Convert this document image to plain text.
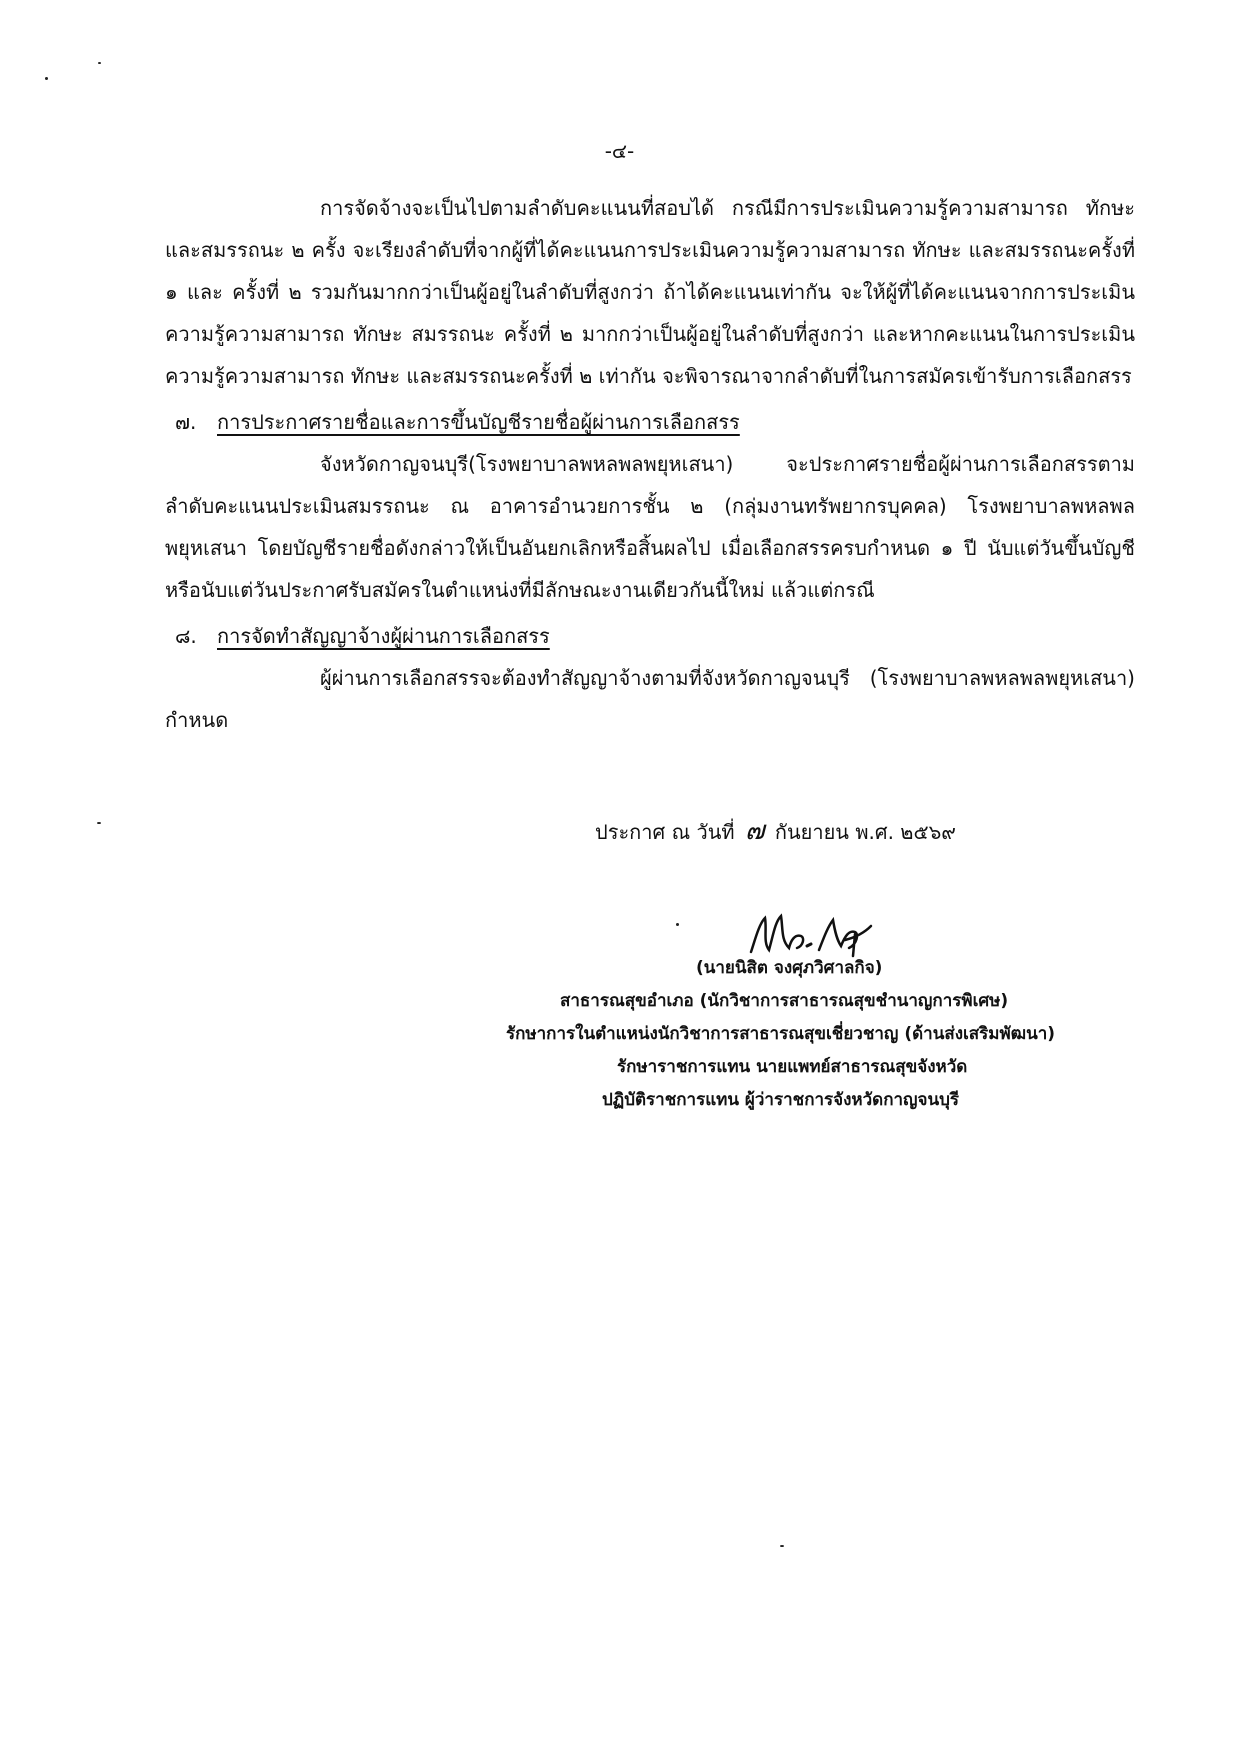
-๔-

การจัดจ้างจะเป็นไปตามลำดับคะแนนที่สอบได้ กรณีมีการประเมินความรู้ความสามารถ ทักษะ และสมรรถนะ ๒ ครั้ง จะเรียงลำดับที่จากผู้ที่ได้คะแนนการประเมินความรู้ความสามารถ ทักษะ และสมรรถนะครั้งที่ ๑ และ ครั้งที่ ๒ รวมกันมากกว่าเป็นผู้อยู่ในลำดับที่สูงกว่า ถ้าได้คะแนนเท่ากัน จะให้ผู้ที่ได้คะแนนจากการประเมินความรู้ความสามารถ ทักษะ สมรรถนะ ครั้งที่ ๒ มากกว่าเป็นผู้อยู่ในลำดับที่สูงกว่า และหากคะแนนในการประเมินความรู้ความสามารถ ทักษะ และสมรรถนะครั้งที่ ๒ เท่ากัน จะพิจารณาจากลำดับที่ในการสมัครเข้ารับการเลือกสรร

๗. การประกาศรายชื่อและการขึ้นบัญชีรายชื่อผู้ผ่านการเลือกสรร

จังหวัดกาญจนบุรี(โรงพยาบาลพหลพลพยุหเสนา) จะประกาศรายชื่อผู้ผ่านการเลือกสรรตามลำดับคะแนนประเมินสมรรถนะ ณ อาคารอำนวยการชั้น ๒ (กลุ่มงานทรัพยากรบุคคล) โรงพยาบาลพหลพลพยุหเสนา โดยบัญชีรายชื่อดังกล่าวให้เป็นอันยกเลิกหรือสิ้นผลไป เมื่อเลือกสรรครบกำหนด ๑ ปี นับแต่วันขึ้นบัญชีหรือนับแต่วันประกาศรับสมัครในตำแหน่งที่มีลักษณะงานเดียวกันนี้ใหม่ แล้วแต่กรณี

๘. การจัดทำสัญญาจ้างผู้ผ่านการเลือกสรร

ผู้ผ่านการเลือกสรรจะต้องทำสัญญาจ้างตามที่จังหวัดกาญจนบุรี (โรงพยาบาลพหลพลพยุหเสนา) กำหนด

ประกาศ ณ วันที่ ๗ กันยายน พ.ศ. ๒๕๖๙
(นายนิสิต จงศุภวิศาลกิจ)
สาธารณสุขอำเภอ (นักวิชาการสาธารณสุขชำนาญการพิเศษ)
รักษาการในตำแหน่งนักวิชาการสาธารณสุขเชี่ยวชาญ (ด้านส่งเสริมพัฒนา)
รักษาราชการแทน นายแพทย์สาธารณสุขจังหวัด
ปฏิบัติราชการแทน ผู้ว่าราชการจังหวัดกาญจนบุรี
